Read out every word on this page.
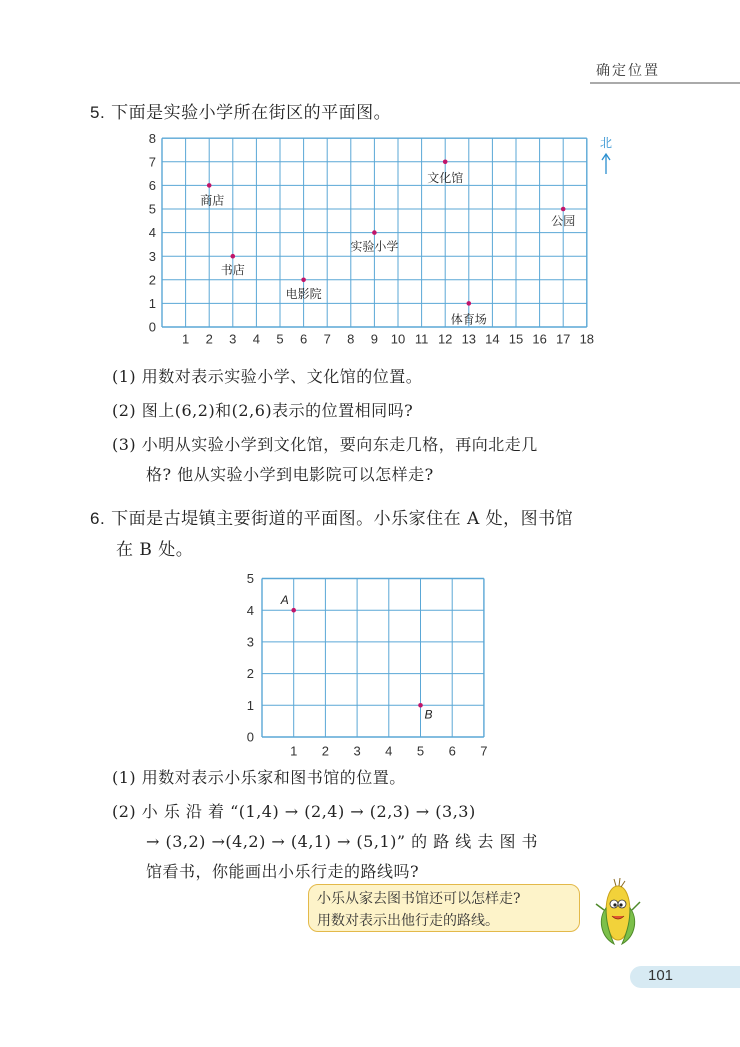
确定位置
5. 下面是实验小学所在街区的平面图。
1 2 3 4 5 6 7 8 9 10 11 12 13 14 15 16 17 18
0
1
2
3
4
5
6
7
8
商店
书店
电影院
实验小学
文化馆
体育场
公园
北
(1) 用数对表示实验小学、文化馆的位置。
(2) 图上(6,2)和(2,6)表示的位置相同吗?
(3) 小明从实验小学到文化馆，要向东走几格，再向北走几
格? 他从实验小学到电影院可以怎样走?
6. 下面是古堤镇主要街道的平面图。小乐家住在 A 处，图书馆
在 B 处。
1 2 3 4 5 6 7
0
1
2
3
4
5
A
B
(1) 用数对表示小乐家和图书馆的位置。
(2) 小 乐 沿 着 “(1,4) → (2,4) → (2,3) → (3,3)
→ (3,2) →(4,2) → (4,1) → (5,1)” 的 路 线 去 图 书
馆看书，你能画出小乐行走的路线吗?
小乐从家去图书馆还可以怎样走?
用数对表示出他行走的路线。
101
